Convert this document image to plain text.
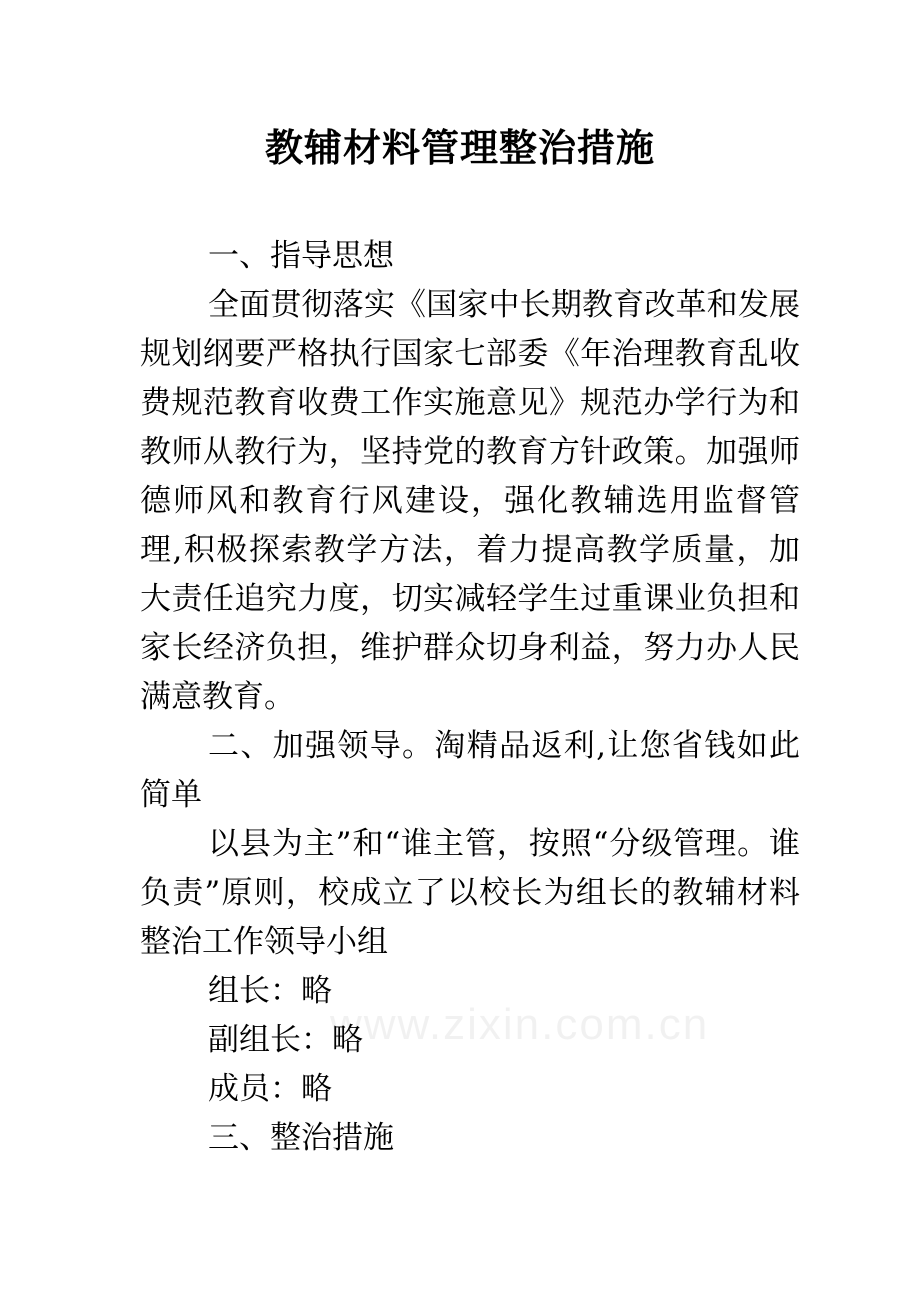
教辅材料管理整治措施

一、指导思想

全面贯彻落实《国家中长期教育改革和发展规划纲要严格执行国家七部委《年治理教育乱收费规范教育收费工作实施意见》规范办学行为和教师从教行为，坚持党的教育方针政策。加强师德师风和教育行风建设，强化教辅选用监督管理,积极探索教学方法，着力提高教学质量，加大责任追究力度，切实减轻学生过重课业负担和家长经济负担，维护群众切身利益，努力办人民满意教育。

二、加强领导。淘精品返利,让您省钱如此简单

以县为主”和“谁主管，按照“分级管理。谁负责”原则，校成立了以校长为组长的教辅材料整治工作领导小组

组长：略

副组长：略

成员：略

三、整治措施

www.zixin.com.cn
